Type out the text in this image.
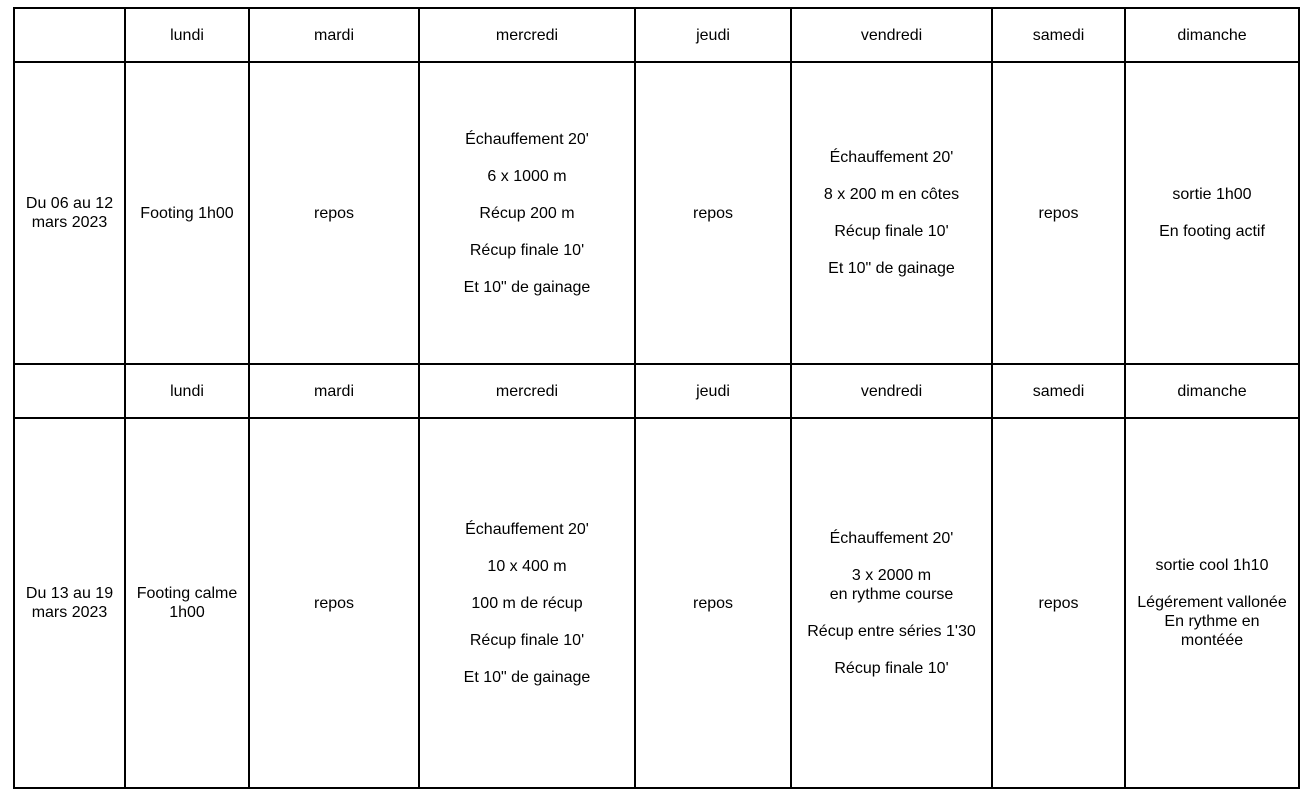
	lundi	mardi	mercredi	jeudi	vendredi	samedi	dimanche
Du 06 au 12 mars 2023	Footing 1h00	repos	Échauffement 20'
6 x 1000 m
Récup 200 m
Récup finale 10'
Et 10" de gainage	repos	Échauffement 20'
8 x 200 m en côtes
Récup finale 10'
Et 10" de gainage	repos	sortie 1h00
En footing actif

	lundi	mardi	mercredi	jeudi	vendredi	samedi	dimanche
Du 13 au 19 mars 2023	Footing calme 1h00	repos	Échauffement 20'
10 x 400 m
100 m de récup
Récup finale 10'
Et 10" de gainage	repos	Échauffement 20'
3 x 2000 m
en rythme course
Récup entre séries 1'30
Récup finale 10'	repos	sortie cool 1h10
Légérement vallonée
En rythme en
montéée
